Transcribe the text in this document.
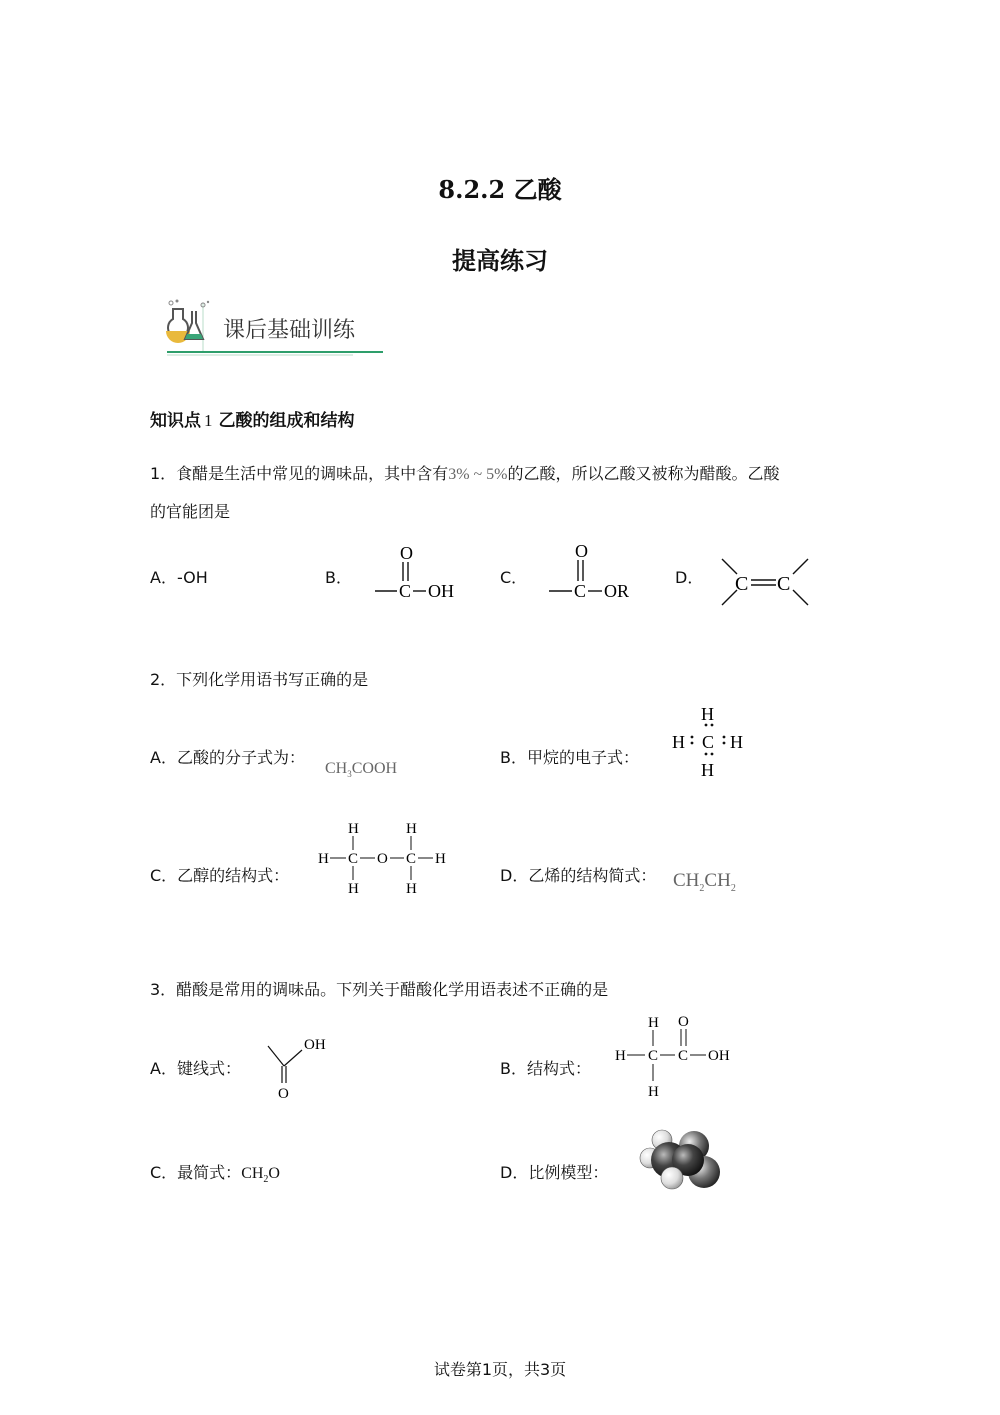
8.2.2 乙酸
提高练习
课后基础训练
知识点 1 乙酸的组成和结构
1．食醋是生活中常见的调味品，其中含有3% ~ 5%的乙酸，所以乙酸又被称为醋酸。乙酸
的官能团是
A．-OH	B．
O
C OH
C．
O
C OR
D． C C
2．下列化学用语书写正确的是
A．乙酸的分子式为：
$CH_3COOH$
B．甲烷的电子式：
H
H C H
H
C．乙醇的结构式：
H
H C O C H
H
H	H
D．乙烯的结构简式： $CH_2CH_2$
3．醋酸是常用的调味品。下列关于醋酸化学用语表述不正确的是
A．键线式：
OH
O
B．结构式：
H O
H C C OH
H
C．最简式：$CH_2O$	D．比例模型：
试卷第1页，共3页
